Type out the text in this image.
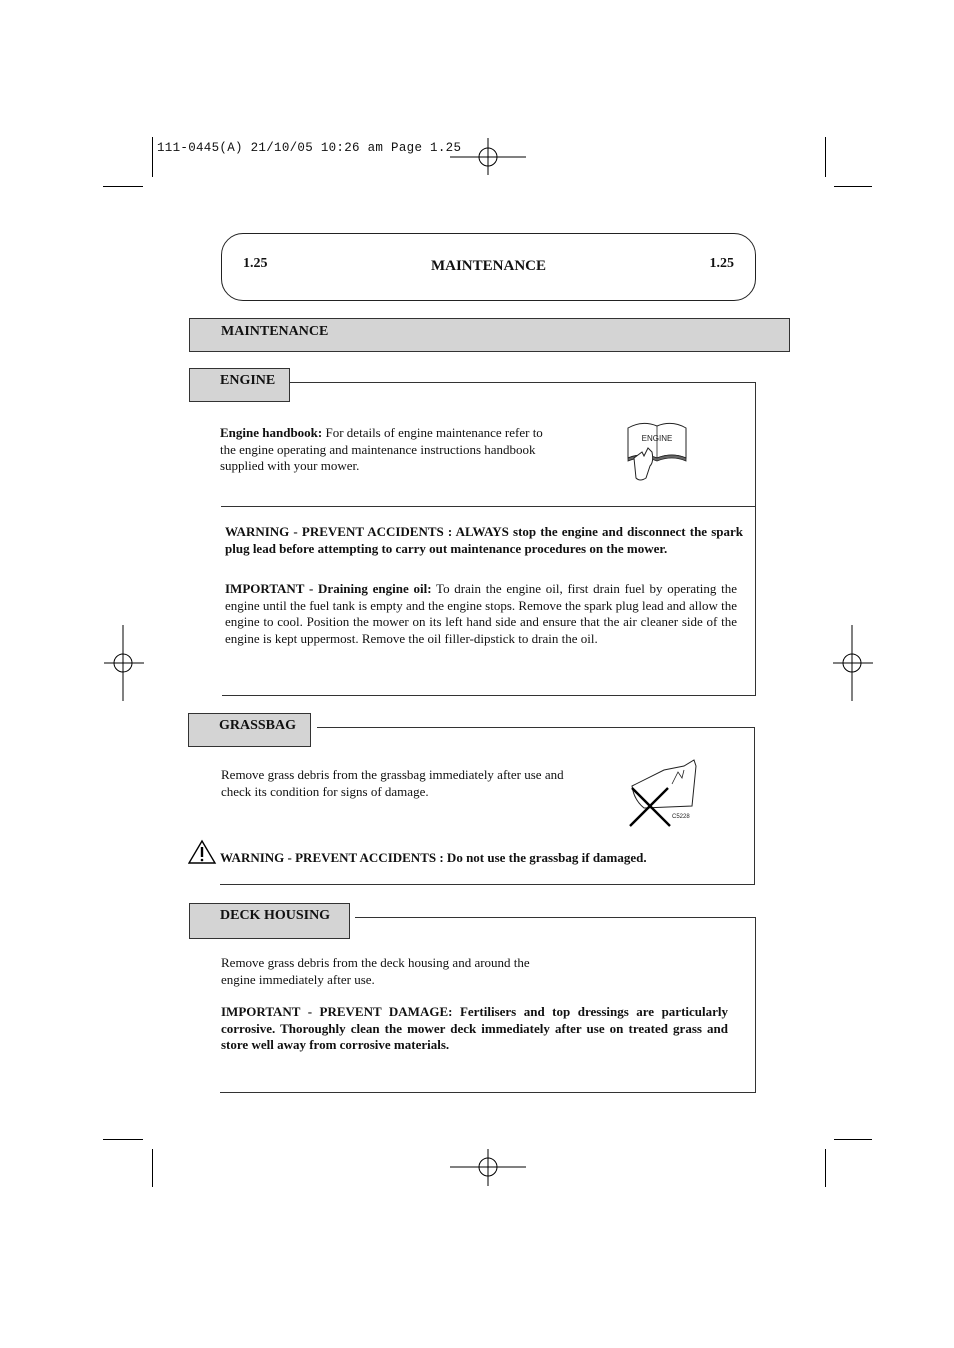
111-0445(A) 21/10/05 10:26 am Page 1.25
1.25	MAINTENANCE	1.25
MAINTENANCE
ENGINE
Engine handbook: For details of engine maintenance refer to the engine operating and maintenance instructions handbook supplied with your mower.
ENGINE
WARNING - PREVENT ACCIDENTS : ALWAYS stop the engine and disconnect the spark plug lead before attempting to carry out maintenance procedures on the mower.
IMPORTANT - Draining engine oil: To drain the engine oil, first drain fuel by operating the engine until the fuel tank is empty and the engine stops. Remove the spark plug lead and allow the engine to cool. Position the mower on its left hand side and ensure that the air cleaner side of the engine is kept uppermost. Remove the oil filler-dipstick to drain the oil.
GRASSBAG
Remove grass debris from the grassbag immediately after use and check its condition for signs of damage.
C5228
WARNING - PREVENT ACCIDENTS : Do not use the grassbag if damaged.
DECK HOUSING
Remove grass debris from the deck housing and around the engine immediately after use.
IMPORTANT - PREVENT DAMAGE: Fertilisers and top dressings are particularly corrosive. Thoroughly clean the mower deck immediately after use on treated grass and store well away from corrosive materials.
